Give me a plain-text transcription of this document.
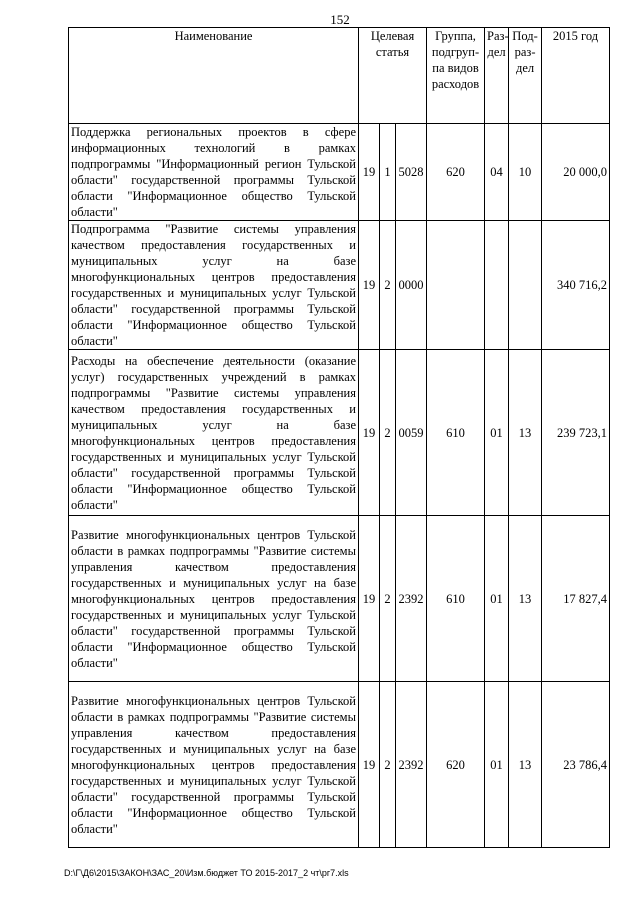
152
Наименование	Целевая статья			Группа, подгруп-па видов расходов	Раз-дел	Под-раз-дел	2015 год
Поддержка региональных проектов в сфере информационных технологий в рамках подпрограммы "Информационный регион Тульской области" государственной программы Тульской области "Информационное общество Тульской области"	19	1	5028	620	04	10	20 000,0
Подпрограмма "Развитие системы управления качеством предоставления государственных и муниципальных услуг на базе многофункциональных центров предоставления государственных и муниципальных услуг Тульской области" государственной программы Тульской области "Информационное общество Тульской области"	19	2	0000				340 716,2
Расходы на обеспечение деятельности (оказание услуг) государственных учреждений в рамках подпрограммы "Развитие системы управления качеством предоставления государственных и муниципальных услуг на базе многофункциональных центров предоставления государственных и муниципальных услуг Тульской области" государственной программы Тульской области "Информационное общество Тульской области"	19	2	0059	610	01	13	239 723,1
Развитие многофункциональных центров Тульской области в рамках подпрограммы "Развитие системы управления качеством предоставления государственных и муниципальных услуг на базе многофункциональных центров предоставления государственных и муниципальных услуг Тульской области" государственной программы Тульской области "Информационное общество Тульской области"	19	2	2392	610	01	13	17 827,4
Развитие многофункциональных центров Тульской области в рамках подпрограммы "Развитие системы управления качеством предоставления государственных и муниципальных услуг на базе многофункциональных центров предоставления государственных и муниципальных услуг Тульской области" государственной программы Тульской области "Информационное общество Тульской области"	19	2	2392	620	01	13	23 786,4
D:\Г\Д6\2015\ЗАКОН\ЗАС_20\Изм.бюджет ТО 2015-2017_2 чт\рг7.xls
